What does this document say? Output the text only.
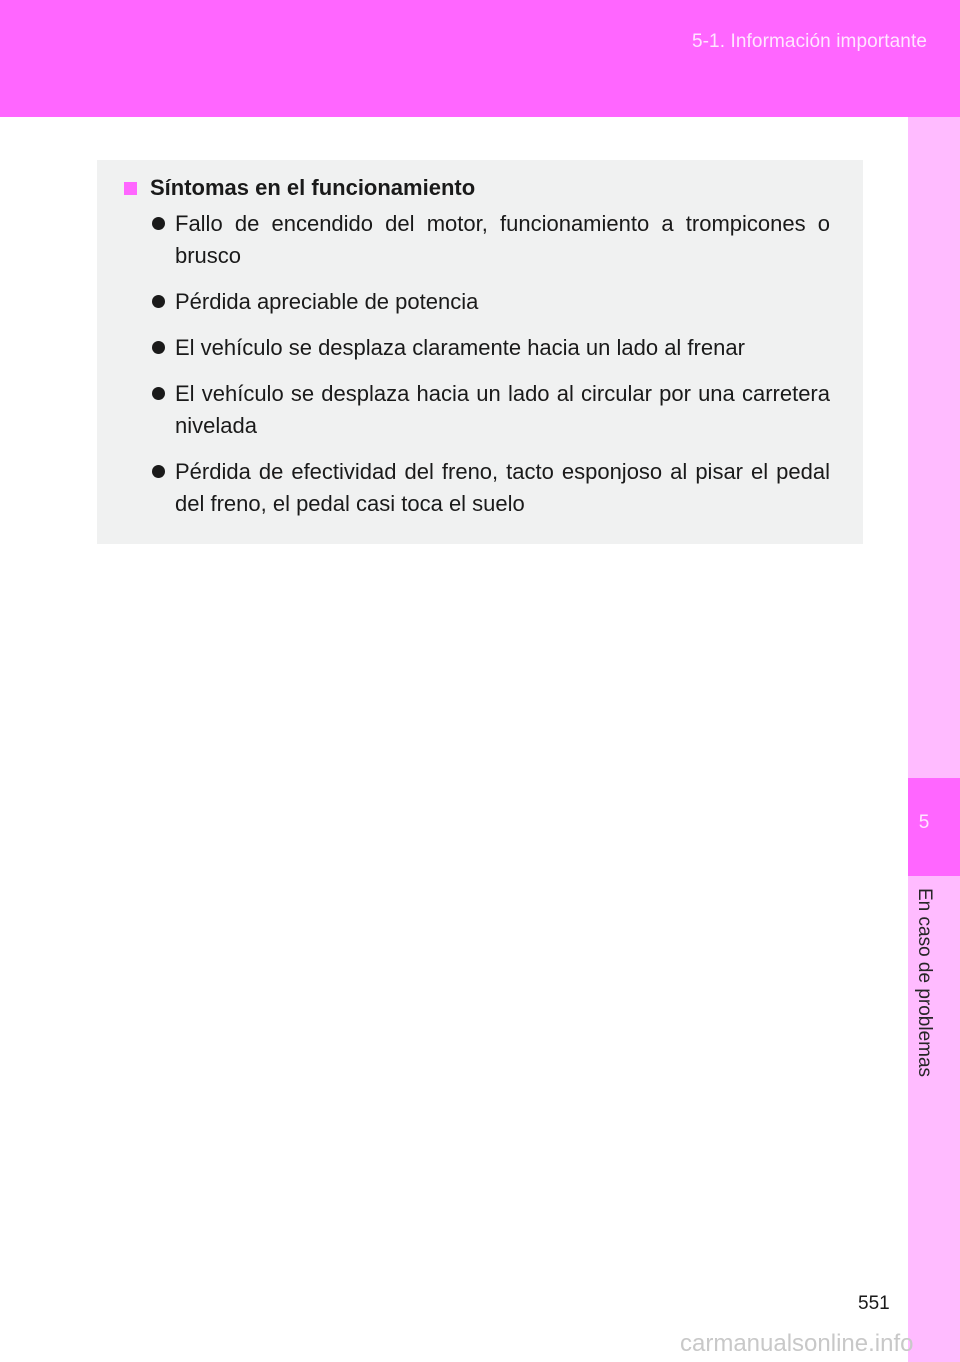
5-1. Información importante
5
En caso de problemas
Síntomas en el funcionamiento
Fallo de encendido del motor, funcionamiento a trompicones o brusco
Pérdida apreciable de potencia
El vehículo se desplaza claramente hacia un lado al frenar
El vehículo se desplaza hacia un lado al circular por una carretera nivelada
Pérdida de efectividad del freno, tacto esponjoso al pisar el pedal del freno, el pedal casi toca el suelo
551
carmanualsonline.info
